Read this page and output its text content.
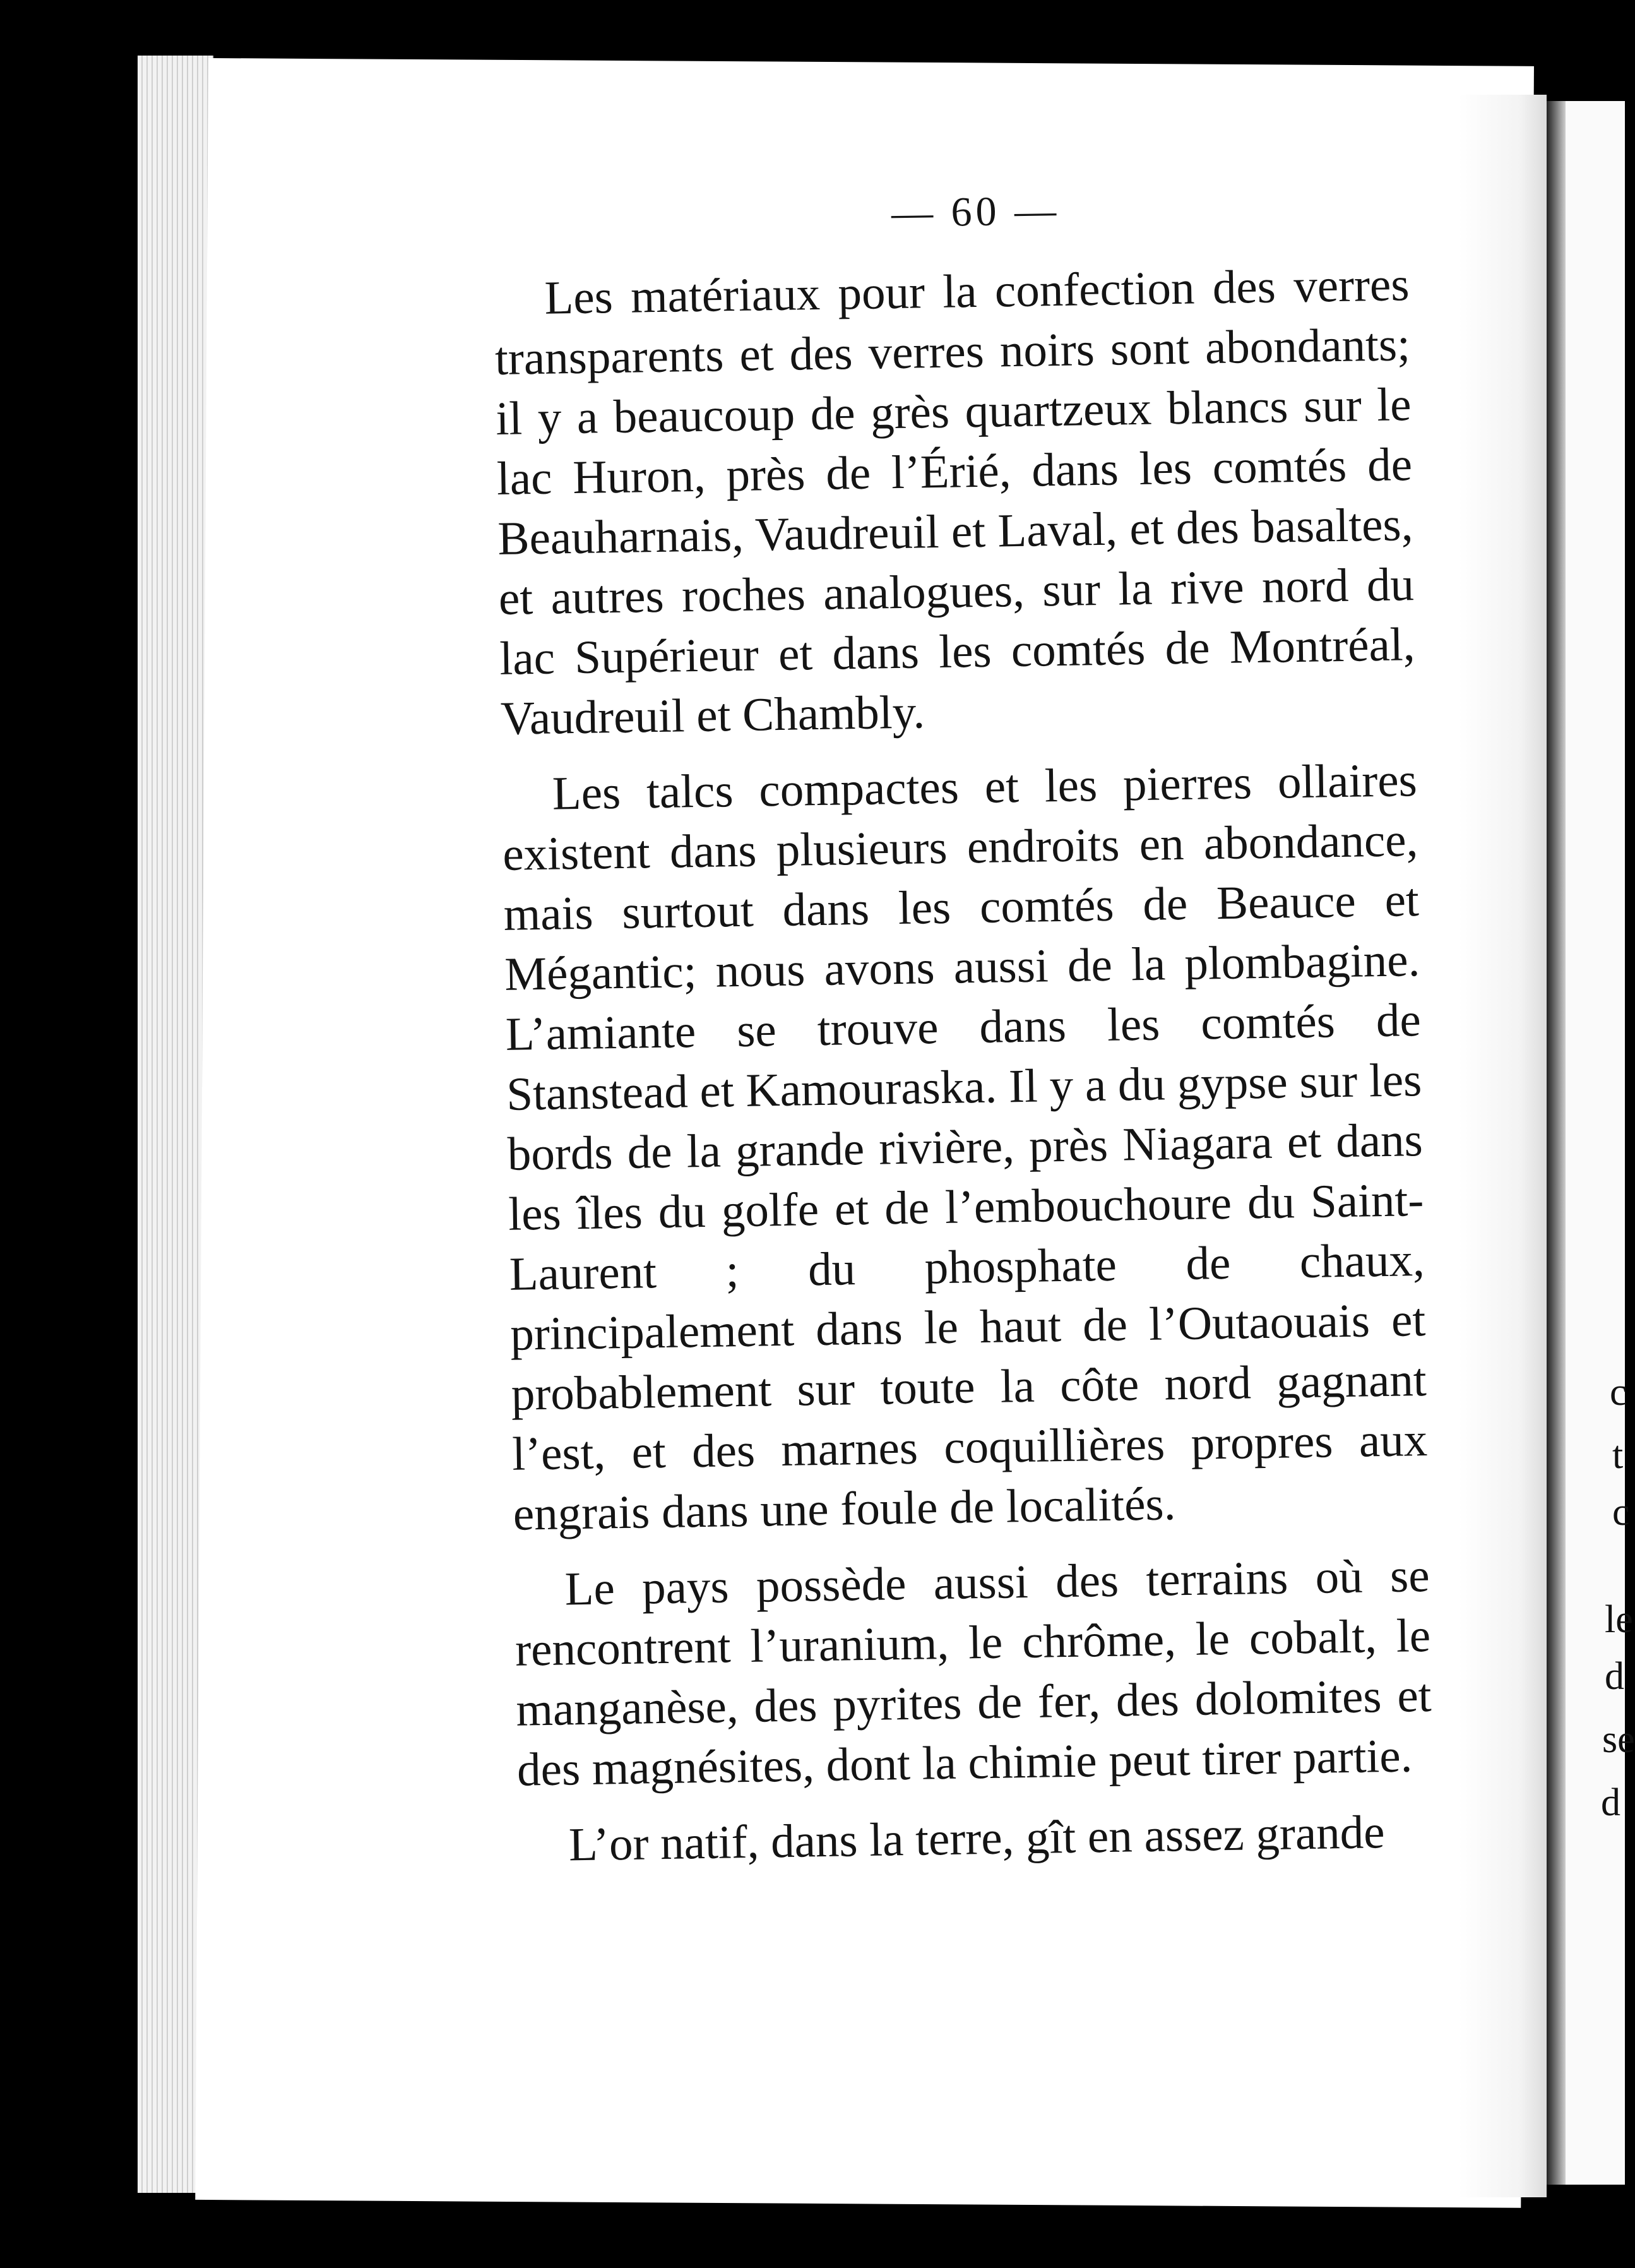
c
t
c
le
d
se
d
— 60 —

Les matériaux pour la confection des verres transparents et des verres noirs sont abondants; il y a beaucoup de grès quartzeux blancs sur le lac Huron, près de l’Érié, dans les comtés de Beauharnais, Vaudreuil et Laval, et des basaltes, et autres roches analogues, sur la rive nord du lac Supérieur et dans les comtés de Montréal, Vaudreuil et Chambly.

Les talcs compactes et les pierres ollaires existent dans plusieurs endroits en abondance, mais surtout dans les comtés de Beauce et Mégantic; nous avons aussi de la plombagine. L’amiante se trouve dans les comtés de Stanstead et Kamouraska. Il y a du gypse sur les bords de la grande rivière, près Niagara et dans les îles du golfe et de l’embouchoure du Saint-Laurent ; du phosphate de chaux, principalement dans le haut de l’Outaouais et probablement sur toute la côte nord gagnant l’est, et des marnes coquillières propres aux engrais dans une foule de localités.

Le pays possède aussi des terrains où se rencontrent l’uranium, le chrôme, le cobalt, le manganèse, des pyrites de fer, des dolomites et des magnésites, dont la chimie peut tirer partie.

L’or natif, dans la terre, gît en assez grande
